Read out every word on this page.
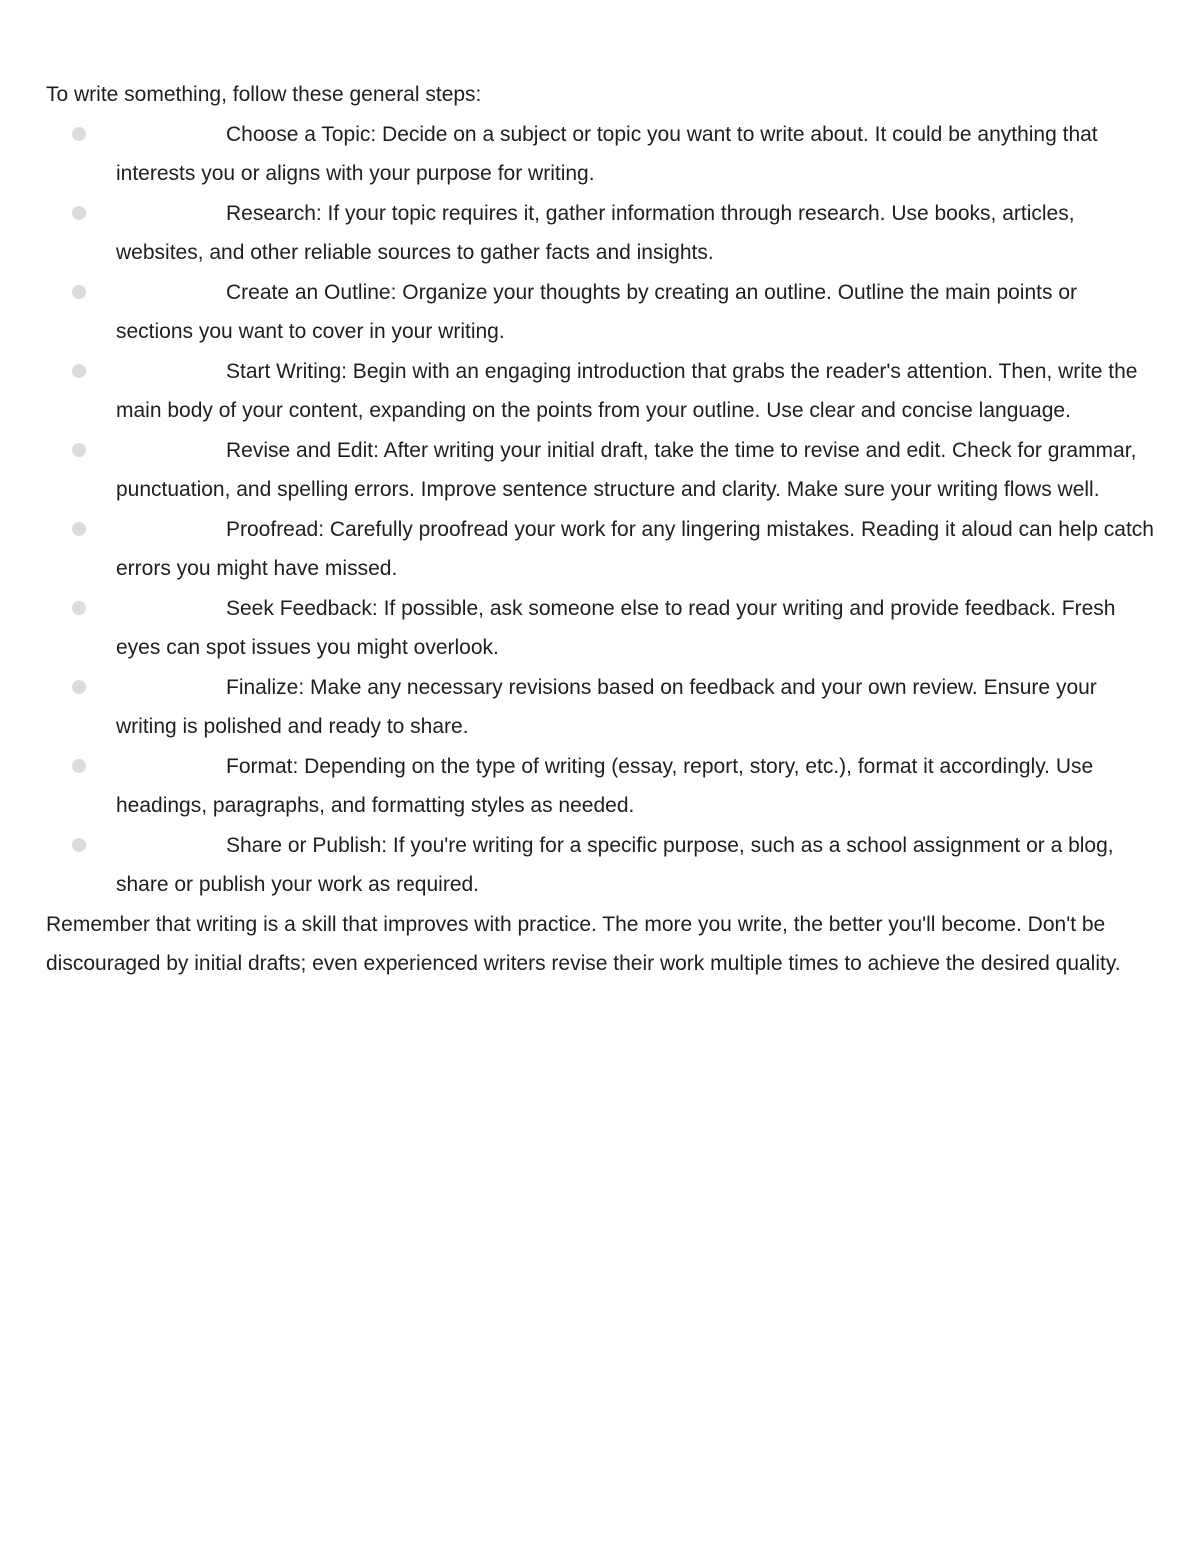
To write something, follow these general steps:

Choose a Topic: Decide on a subject or topic you want to write about. It could be anything that interests you or aligns with your purpose for writing.
Research: If your topic requires it, gather information through research. Use books, articles, websites, and other reliable sources to gather facts and insights.
Create an Outline: Organize your thoughts by creating an outline. Outline the main points or sections you want to cover in your writing.
Start Writing: Begin with an engaging introduction that grabs the reader's attention. Then, write the main body of your content, expanding on the points from your outline. Use clear and concise language.
Revise and Edit: After writing your initial draft, take the time to revise and edit. Check for grammar, punctuation, and spelling errors. Improve sentence structure and clarity. Make sure your writing flows well.
Proofread: Carefully proofread your work for any lingering mistakes. Reading it aloud can help catch errors you might have missed.
Seek Feedback: If possible, ask someone else to read your writing and provide feedback. Fresh eyes can spot issues you might overlook.
Finalize: Make any necessary revisions based on feedback and your own review. Ensure your writing is polished and ready to share.
Format: Depending on the type of writing (essay, report, story, etc.), format it accordingly. Use headings, paragraphs, and formatting styles as needed.
Share or Publish: If you're writing for a specific purpose, such as a school assignment or a blog, share or publish your work as required.

Remember that writing is a skill that improves with practice. The more you write, the better you'll become. Don't be discouraged by initial drafts; even experienced writers revise their work multiple times to achieve the desired quality.
